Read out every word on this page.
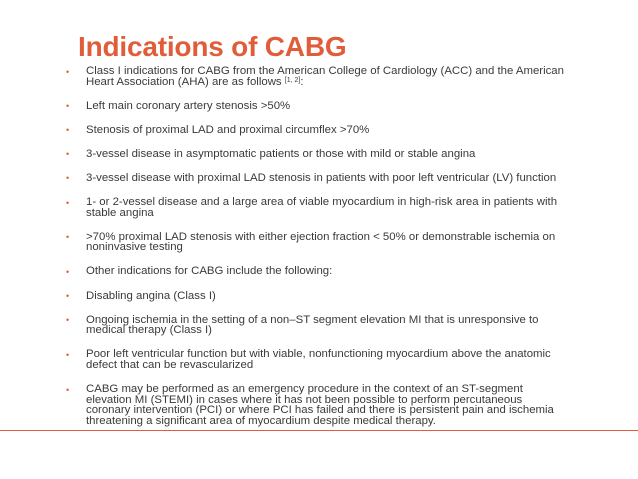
Indications of CABG
• Class I indications for CABG from the American College of Cardiology (ACC) and the American Heart Association (AHA) are as follows [1, 2]:
• Left main coronary artery stenosis >50%
• Stenosis of proximal LAD and proximal circumflex >70%
• 3-vessel disease in asymptomatic patients or those with mild or stable angina
• 3-vessel disease with proximal LAD stenosis in patients with poor left ventricular (LV) function
• 1- or 2-vessel disease and a large area of viable myocardium in high-risk area in patients with stable angina
• >70% proximal LAD stenosis with either ejection fraction < 50% or demonstrable ischemia on noninvasive testing
• Other indications for CABG include the following:
• Disabling angina (Class I)
• Ongoing ischemia in the setting of a non–ST segment elevation MI that is unresponsive to medical therapy (Class I)
• Poor left ventricular function but with viable, nonfunctioning myocardium above the anatomic defect that can be revascularized
• CABG may be performed as an emergency procedure in the context of an ST-segment elevation MI (STEMI) in cases where it has not been possible to perform percutaneous coronary intervention (PCI) or where PCI has failed and there is persistent pain and ischemia threatening a significant area of myocardium despite medical therapy.
